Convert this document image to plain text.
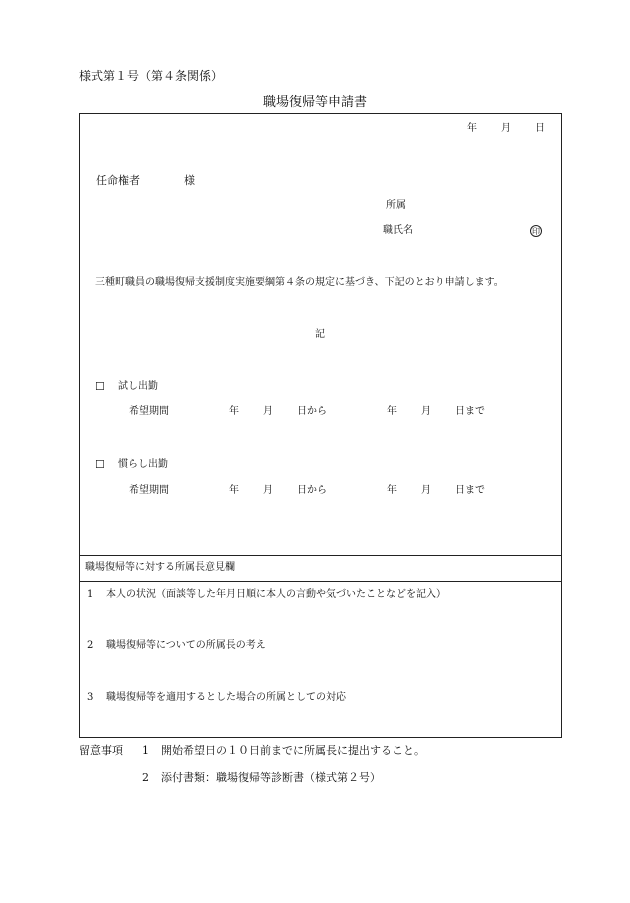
様式第１号（第４条関係）
職場復帰等申請書
年 月 日
任命権者	様
所属
職氏名	印
三種町職員の職場復帰支援制度実施要綱第４条の規定に基づき、下記のとおり申請します。
記
☐ 試し出勤
希望期間	年 月 日から	年 月 日まで
☐ 慣らし出勤
希望期間	年 月 日から	年 月 日まで
職場復帰等に対する所属長意見欄
1 本人の状況（面談等した年月日順に本人の言動や気づいたことなどを記入）
2 職場復帰等についての所属長の考え
3 職場復帰等を適用するとした場合の所属としての対応
留意事項 1 開始希望日の１０日前までに所属長に提出すること。
2 添付書類：職場復帰等診断書（様式第２号）
